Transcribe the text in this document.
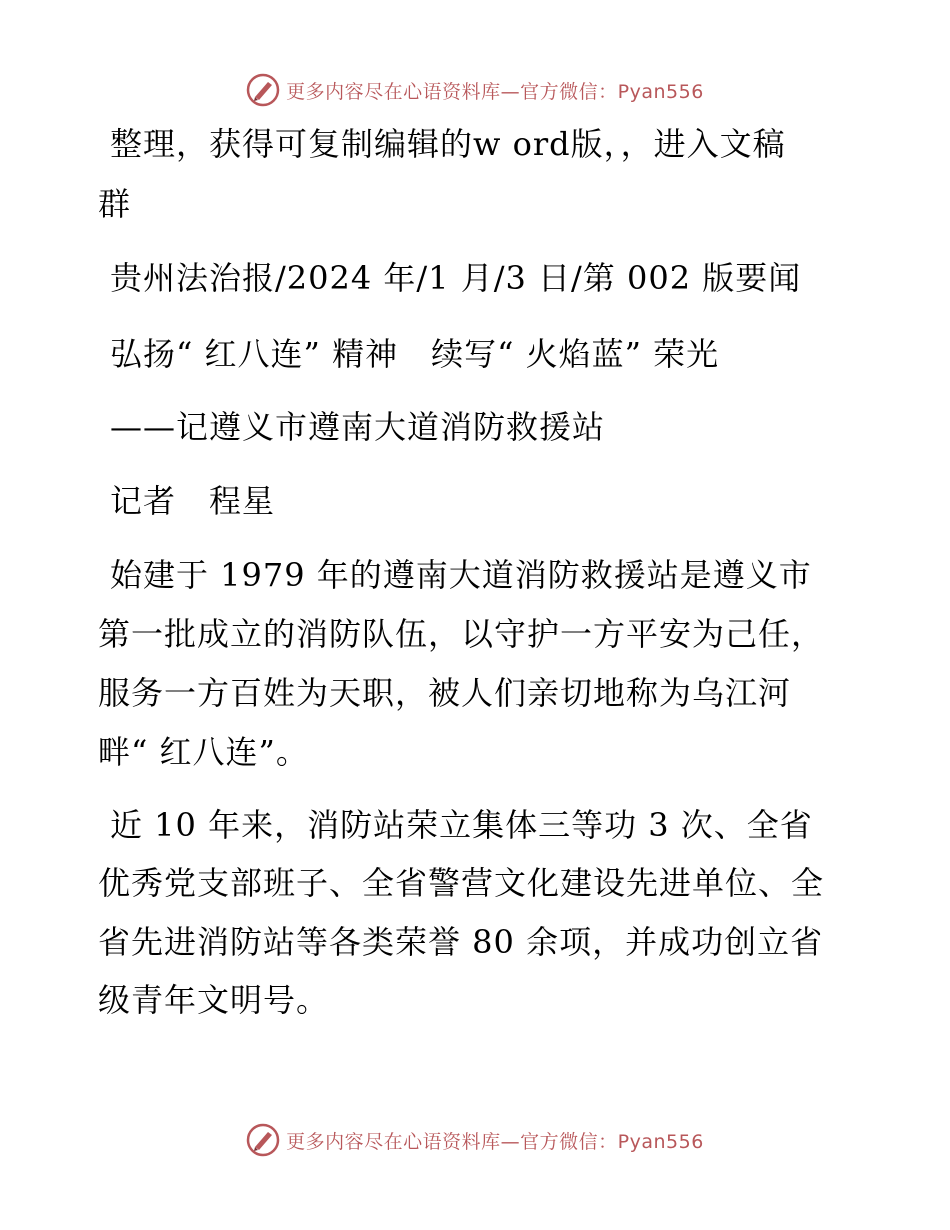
更多内容尽在心语资料库—官方微信：Pyan556
整理，获得可复制编辑的w ord版，，进入文稿
群
贵州法治报/2024 年/1 月/3 日/第 002 版要闻
弘扬“ 红八连” 精神　续写“ 火焰蓝” 荣光
——记遵义市遵南大道消防救援站
记者　程星
始建于 1979 年的遵南大道消防救援站是遵义市
第一批成立的消防队伍，以守护一方平安为己任，
服务一方百姓为天职，被人们亲切地称为乌江河
畔“ 红八连”。
近 10 年来，消防站荣立集体三等功 3 次、全省
优秀党支部班子、全省警营文化建设先进单位、全
省先进消防站等各类荣誉 80 余项，并成功创立省
级青年文明号。
更多内容尽在心语资料库—官方微信：Pyan556
